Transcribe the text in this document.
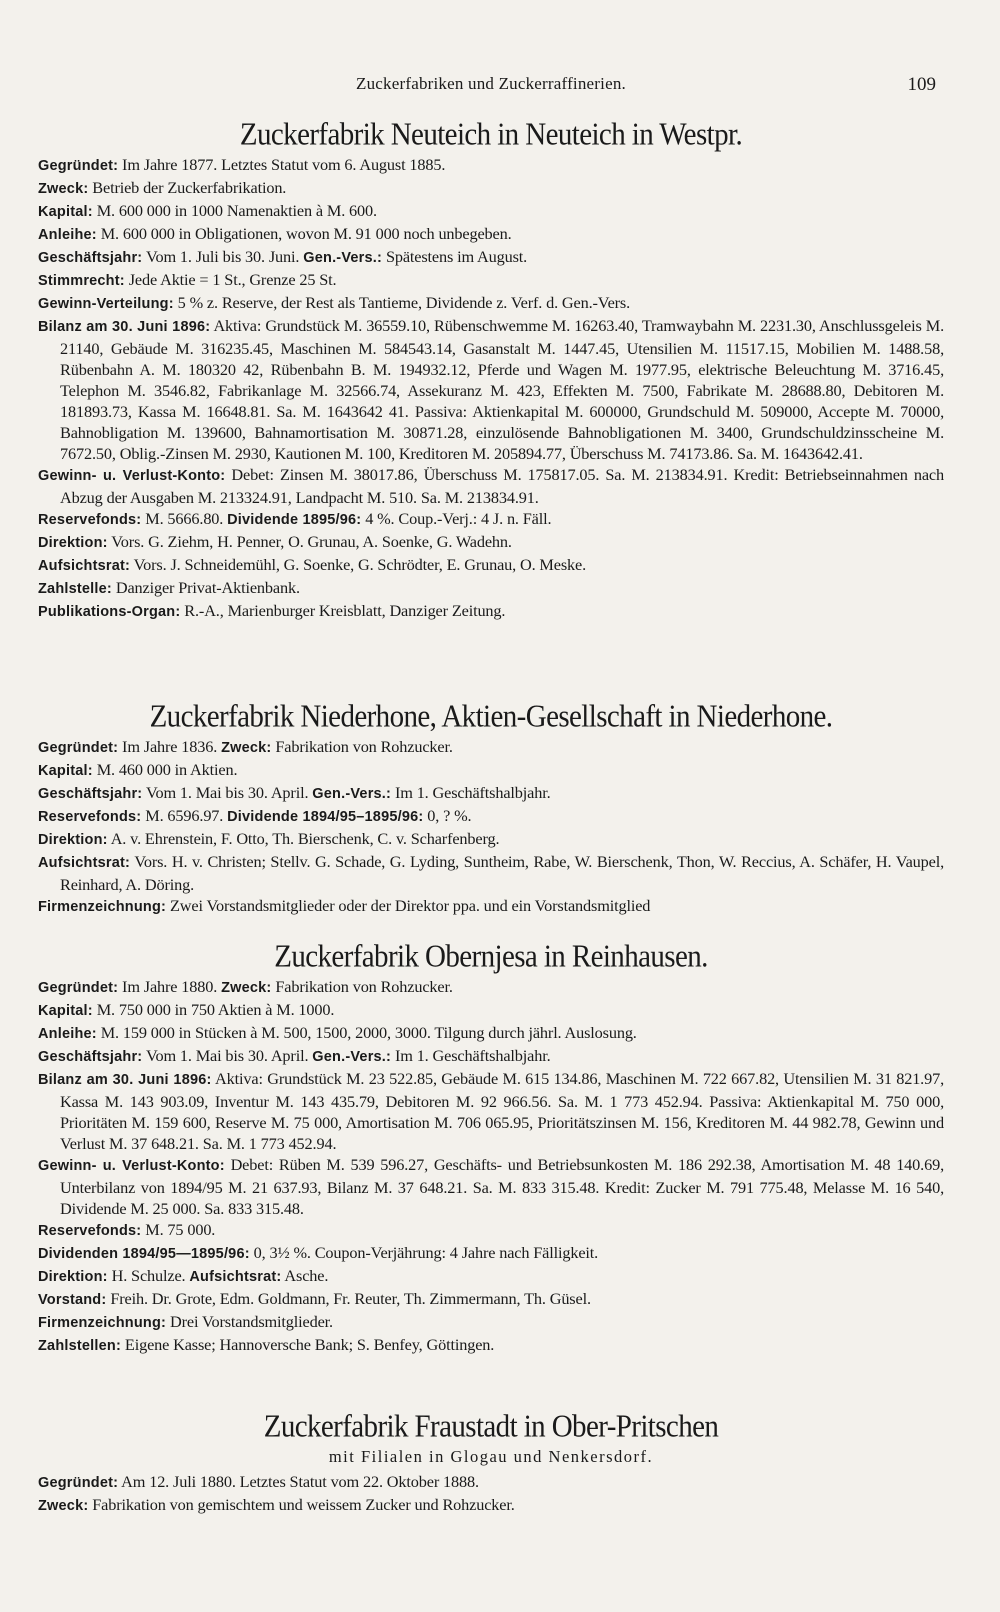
Zuckerfabriken und Zuckerraffinerien.	109
Zuckerfabrik Neuteich in Neuteich in Westpr.
Gegründet: Im Jahre 1877. Letztes Statut vom 6. August 1885.
Zweck: Betrieb der Zuckerfabrikation.
Kapital: M. 600 000 in 1000 Namenaktien à M. 600.
Anleihe: M. 600 000 in Obligationen, wovon M. 91 000 noch unbegeben.
Geschäftsjahr: Vom 1. Juli bis 30. Juni. Gen.-Vers.: Spätestens im August.
Stimmrecht: Jede Aktie = 1 St., Grenze 25 St.
Gewinn-Verteilung: 5 % z. Reserve, der Rest als Tantieme, Dividende z. Verf. d. Gen.-Vers.
Bilanz am 30. Juni 1896: Aktiva: Grundstück M. 36559.10, Rübenschwemme M. 16263.40, Tramwaybahn M. 2231.30, Anschlussgeleis M. 21140, Gebäude M. 316235.45, Maschinen M. 584543.14, Gasanstalt M. 1447.45, Utensilien M. 11517.15, Mobilien M. 1488.58, Rübenbahn A. M. 180320 42, Rübenbahn B. M. 194932.12, Pferde und Wagen M. 1977.95, elektrische Beleuchtung M. 3716.45, Telephon M. 3546.82, Fabrikanlage M. 32566.74, Assekuranz M. 423, Effekten M. 7500, Fabrikate M. 28688.80, Debitoren M. 181893.73, Kassa M. 16648.81. Sa. M. 1643642 41. Passiva: Aktienkapital M. 600000, Grundschuld M. 509000, Accepte M. 70000, Bahnobligation M. 139600, Bahnamortisation M. 30871.28, einzulösende Bahnobligationen M. 3400, Grundschuldzinsscheine M. 7672.50, Oblig.-Zinsen M. 2930, Kautionen M. 100, Kreditoren M. 205894.77, Überschuss M. 74173.86. Sa. M. 1643642.41.
Gewinn- u. Verlust-Konto: Debet: Zinsen M. 38017.86, Überschuss M. 175817.05. Sa. M. 213834.91. Kredit: Betriebseinnahmen nach Abzug der Ausgaben M. 213324.91, Landpacht M. 510. Sa. M. 213834.91.
Reservefonds: M. 5666.80. Dividende 1895/96: 4 %. Coup.-Verj.: 4 J. n. Fäll.
Direktion: Vors. G. Ziehm, H. Penner, O. Grunau, A. Soenke, G. Wadehn.
Aufsichtsrat: Vors. J. Schneidemühl, G. Soenke, G. Schrödter, E. Grunau, O. Meske.
Zahlstelle: Danziger Privat-Aktienbank.
Publikations-Organ: R.-A., Marienburger Kreisblatt, Danziger Zeitung.
Zuckerfabrik Niederhone, Aktien-Gesellschaft in Niederhone.
Gegründet: Im Jahre 1836. Zweck: Fabrikation von Rohzucker.
Kapital: M. 460 000 in Aktien.
Geschäftsjahr: Vom 1. Mai bis 30. April. Gen.-Vers.: Im 1. Geschäftshalbjahr.
Reservefonds: M. 6596.97. Dividende 1894/95–1895/96: 0, ? %.
Direktion: A. v. Ehrenstein, F. Otto, Th. Bierschenk, C. v. Scharfenberg.
Aufsichtsrat: Vors. H. v. Christen; Stellv. G. Schade, G. Lyding, Suntheim, Rabe, W. Bierschenk, Thon, W. Reccius, A. Schäfer, H. Vaupel, Reinhard, A. Döring.
Firmenzeichnung: Zwei Vorstandsmitglieder oder der Direktor ppa. und ein Vorstandsmitglied
Zuckerfabrik Obernjesa in Reinhausen.
Gegründet: Im Jahre 1880. Zweck: Fabrikation von Rohzucker.
Kapital: M. 750 000 in 750 Aktien à M. 1000.
Anleihe: M. 159 000 in Stücken à M. 500, 1500, 2000, 3000. Tilgung durch jährl. Auslosung.
Geschäftsjahr: Vom 1. Mai bis 30. April. Gen.-Vers.: Im 1. Geschäftshalbjahr.
Bilanz am 30. Juni 1896: Aktiva: Grundstück M. 23 522.85, Gebäude M. 615 134.86, Maschinen M. 722 667.82, Utensilien M. 31 821.97, Kassa M. 143 903.09, Inventur M. 143 435.79, Debitoren M. 92 966.56. Sa. M. 1 773 452.94. Passiva: Aktienkapital M. 750 000, Prioritäten M. 159 600, Reserve M. 75 000, Amortisation M. 706 065.95, Prioritätszinsen M. 156, Kreditoren M. 44 982.78, Gewinn und Verlust M. 37 648.21. Sa. M. 1 773 452.94.
Gewinn- u. Verlust-Konto: Debet: Rüben M. 539 596.27, Geschäfts- und Betriebsunkosten M. 186 292.38, Amortisation M. 48 140.69, Unterbilanz von 1894/95 M. 21 637.93, Bilanz M. 37 648.21. Sa. M. 833 315.48. Kredit: Zucker M. 791 775.48, Melasse M. 16 540, Dividende M. 25 000. Sa. 833 315.48.
Reservefonds: M. 75 000.
Dividenden 1894/95—1895/96: 0, 3½ %. Coupon-Verjährung: 4 Jahre nach Fälligkeit.
Direktion: H. Schulze. Aufsichtsrat: Asche.
Vorstand: Freih. Dr. Grote, Edm. Goldmann, Fr. Reuter, Th. Zimmermann, Th. Güsel.
Firmenzeichnung: Drei Vorstandsmitglieder.
Zahlstellen: Eigene Kasse; Hannoversche Bank; S. Benfey, Göttingen.
Zuckerfabrik Fraustadt in Ober-Pritschen
mit Filialen in Glogau und Nenkersdorf.
Gegründet: Am 12. Juli 1880. Letztes Statut vom 22. Oktober 1888.
Zweck: Fabrikation von gemischtem und weissem Zucker und Rohzucker.
